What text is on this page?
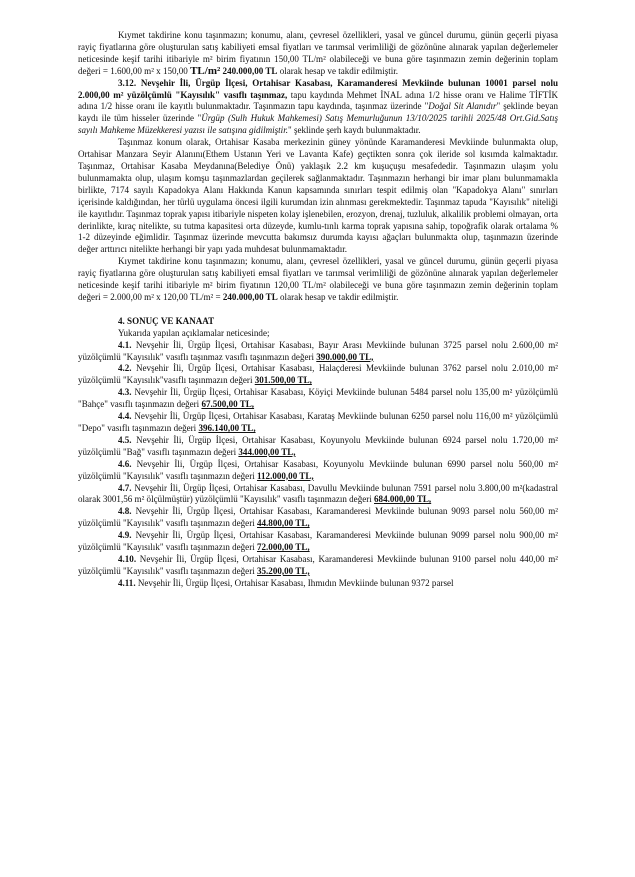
Kıymet takdirine konu taşınmazın; konumu, alanı, çevresel özellikleri, yasal ve güncel durumu, günün geçerli piyasa rayiç fiyatlarına göre oluşturulan satış kabiliyeti emsal fiyatları ve tarımsal verimliliği de gözönüne alınarak yapılan değerlemeler neticesinde keşif tarihi itibariyle m² birim fiyatının 150,00 TL/m² olabileceği ve buna göre taşınmazın zemin değerinin toplam değeri = 1.600,00 m² x 150,00 TL/m² 240.000,00 TL olarak hesap ve takdir edilmiştir.

3.12. Nevşehir İli, Ürgüp İlçesi, Ortahisar Kasabası, Karamanderesi Mevkiinde bulunan 10001 parsel nolu 2.000,00 m² yüzölçümlü "Kayısılık" vasıflı taşınmaz, tapu kaydında Mehmet İNAL adına 1/2 hisse oranı ve Halime TİFTİK adına 1/2 hisse oranı ile kayıtlı bulunmaktadır. Taşınmazın tapu kaydında, taşınmaz üzerinde "Doğal Sit Alanıdır" şeklinde beyan kaydı ile tüm hisseler üzerinde "Ürgüp (Sulh Hukuk Mahkemesi) Satış Memurluğunun 13/10/2025 tarihli 2025/48 Ort.Gid.Satış sayılı Mahkeme Müzekkeresi yazısı ile satışına gidilmiştir." şeklinde şerh kaydı bulunmaktadır.

Taşınmaz konum olarak, Ortahisar Kasaba merkezinin güney yönünde Karamanderesi Mevkiinde bulunmakta olup, Ortahisar Manzara Seyir Alanını(Ethem Ustanın Yeri ve Lavanta Kafe) geçtikten sonra çok ileride sol kısımda kalmaktadır. Taşınmaz, Ortahisar Kasaba Meydanına(Belediye Önü) yaklaşık 2.2 km kuşuçuşu mesafededir. Taşınmazın ulaşım yolu bulunmamakta olup, ulaşım komşu taşınmazlardan geçilerek sağlanmaktadır. Taşınmazın herhangi bir imar planı bulunmamakla birlikte, 7174 sayılı Kapadokya Alanı Hakkında Kanun kapsamında sınırları tespit edilmiş olan "Kapadokya Alanı" sınırları içerisinde kaldığından, her türlü uygulama öncesi ilgili kurumdan izin alınması gerekmektedir. Taşınmaz tapuda "Kayısılık" niteliği ile kayıtlıdır. Taşınmaz toprak yapısı itibariyle nispeten kolay işlenebilen, erozyon, drenaj, tuzluluk, alkalilik problemi olmayan, orta derinlikte, kıraç nitelikte, su tutma kapasitesi orta düzeyde, kumlu-tınlı karma toprak yapısına sahip, topoğrafik olarak ortalama % 1-2 düzeyinde eğimlidir. Taşınmaz üzerinde mevcutta bakımsız durumda kayısı ağaçları bulunmakta olup, taşınmazın üzerinde değer arttırıcı nitelikte herhangi bir yapı yada muhdesat bulunmamaktadır.

Kıymet takdirine konu taşınmazın; konumu, alanı, çevresel özellikleri, yasal ve güncel durumu, günün geçerli piyasa rayiç fiyatlarına göre oluşturulan satış kabiliyeti emsal fiyatları ve tarımsal verimliliği de gözönüne alınarak yapılan değerlemeler neticesinde keşif tarihi itibariyle m² birim fiyatının 120,00 TL/m² olabileceği ve buna göre taşınmazın zemin değerinin toplam değeri = 2.000,00 m² x 120,00 TL/m² = 240.000,00 TL olarak hesap ve takdir edilmiştir.

4. SONUÇ VE KANAAT

Yukarıda yapılan açıklamalar neticesinde;

4.1. Nevşehir İli, Ürgüp İlçesi, Ortahisar Kasabası, Bayır Arası Mevkiinde bulunan 3725 parsel nolu 2.600,00 m² yüzölçümlü "Kayısılık" vasıflı taşınmaz vasıflı taşınmazın değeri 390.000,00 TL,

4.2. Nevşehir İli, Ürgüp İlçesi, Ortahisar Kasabası, Halaçderesi Mevkiinde bulunan 3762 parsel nolu 2.010,00 m² yüzölçümlü "Kayısılık"vasıflı taşınmazın değeri 301.500,00 TL,

4.3. Nevşehir İli, Ürgüp İlçesi, Ortahisar Kasabası, Köyiçi Mevkiinde bulunan 5484 parsel nolu 135,00 m² yüzölçümlü "Bahçe" vasıflı taşınmazın değeri 67.500,00 TL,

4.4. Nevşehir İli, Ürgüp İlçesi, Ortahisar Kasabası, Karataş Mevkiinde bulunan 6250 parsel nolu 116,00 m² yüzölçümlü "Depo" vasıflı taşınmazın değeri 396.140,00 TL,

4.5. Nevşehir İli, Ürgüp İlçesi, Ortahisar Kasabası, Koyunyolu Mevkiinde bulunan 6924 parsel nolu 1.720,00 m² yüzölçümlü "Bağ" vasıflı taşınmazın değeri 344.000,00 TL,

4.6. Nevşehir İli, Ürgüp İlçesi, Ortahisar Kasabası, Koyunyolu Mevkiinde bulunan 6990 parsel nolu 560,00 m² yüzölçümlü "Kayısılık" vasıflı taşınmazın değeri 112.000,00 TL,

4.7. Nevşehir İli, Ürgüp İlçesi, Ortahisar Kasabası, Davullu Mevkiinde bulunan 7591 parsel nolu 3.800,00 m²(kadastral olarak 3001,56 m² ölçülmüştür) yüzölçümlü "Kayısılık" vasıflı taşınmazın değeri 684.000,00 TL,

4.8. Nevşehir İli, Ürgüp İlçesi, Ortahisar Kasabası, Karamanderesi Mevkiinde bulunan 9093 parsel nolu 560,00 m² yüzölçümlü "Kayısılık" vasıflı taşınmazın değeri 44.800,00 TL,

4.9. Nevşehir İli, Ürgüp İlçesi, Ortahisar Kasabası, Karamanderesi Mevkiinde bulunan 9099 parsel nolu 900,00 m² yüzölçümlü "Kayısılık" vasıflı taşınmazın değeri 72.000,00 TL,

4.10. Nevşehir İli, Ürgüp İlçesi, Ortahisar Kasabası, Karamanderesi Mevkiinde bulunan 9100 parsel nolu 440,00 m² yüzölçümlü "Kayısılık" vasıflı taşınmazın değeri 35.200,00 TL,

4.11. Nevşehir İli, Ürgüp İlçesi, Ortahisar Kasabası, Ihmıdın Mevkiinde bulunan 9372 parsel
